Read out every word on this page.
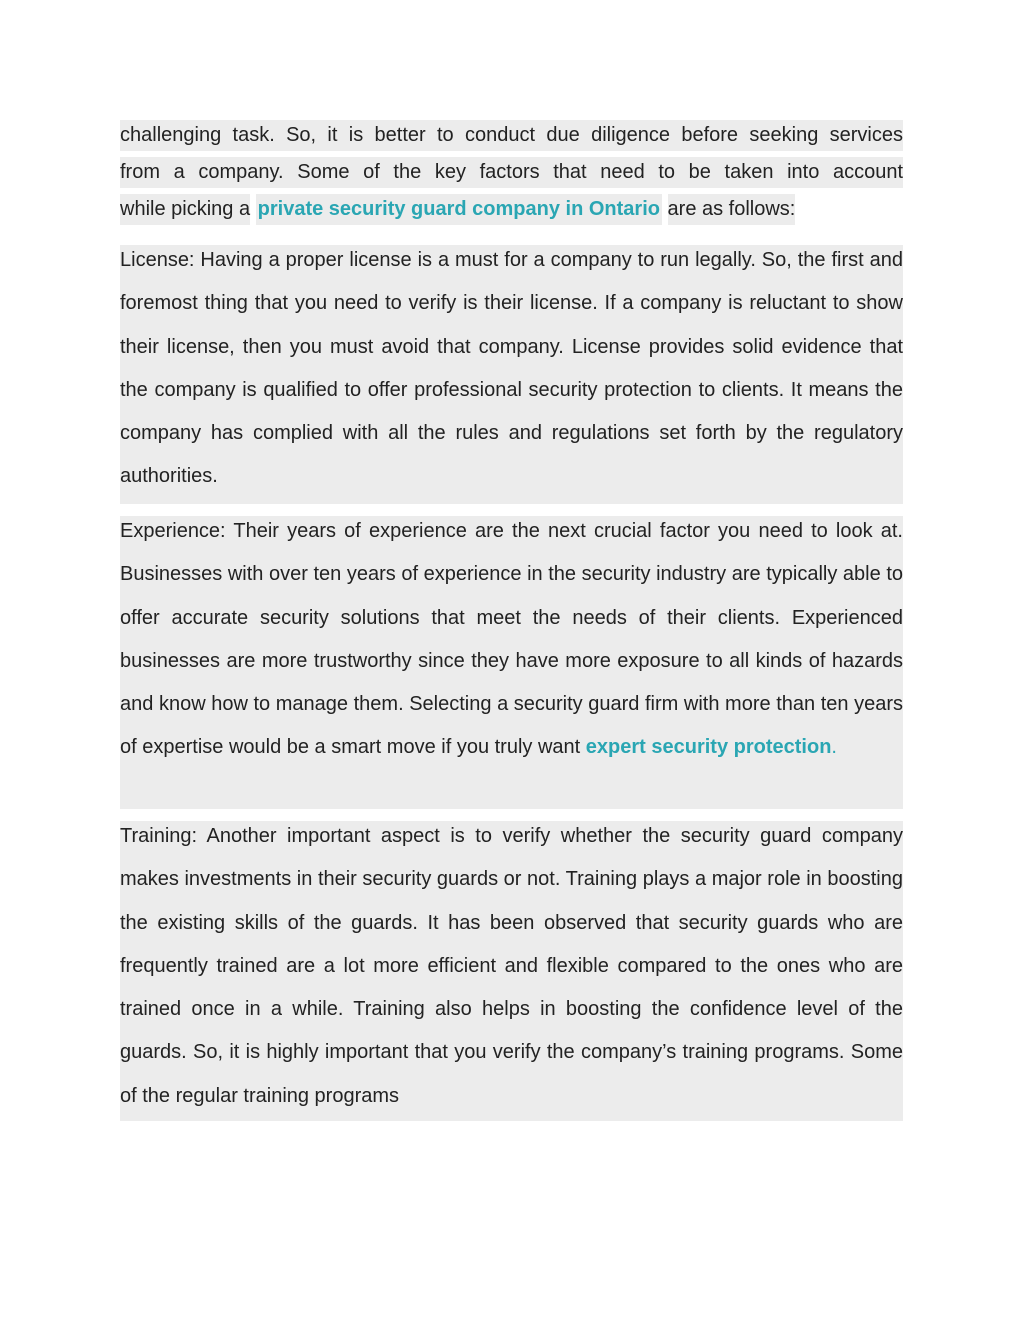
challenging task. So, it is better to conduct due diligence before seeking services
from a company. Some of the key factors that need to be taken into account
while picking a private security guard company in Ontario are as follows:

License: Having a proper license is a must for a company to run legally. So, the first and foremost thing that you need to verify is their license. If a company is reluctant to show their license, then you must avoid that company. License provides solid evidence that the company is qualified to offer professional security protection to clients. It means the company has complied with all the rules and regulations set forth by the regulatory authorities.

Experience: Their years of experience are the next crucial factor you need to look at. Businesses with over ten years of experience in the security industry are typically able to offer accurate security solutions that meet the needs of their clients. Experienced businesses are more trustworthy since they have more exposure to all kinds of hazards and know how to manage them. Selecting a security guard firm with more than ten years of expertise would be a smart move if you truly want expert security protection.

Training: Another important aspect is to verify whether the security guard company makes investments in their security guards or not. Training plays a major role in boosting the existing skills of the guards. It has been observed that security guards who are frequently trained are a lot more efficient and flexible compared to the ones who are trained once in a while. Training also helps in boosting the confidence level of the guards. So, it is highly important that you verify the company’s training programs. Some of the regular training programs
